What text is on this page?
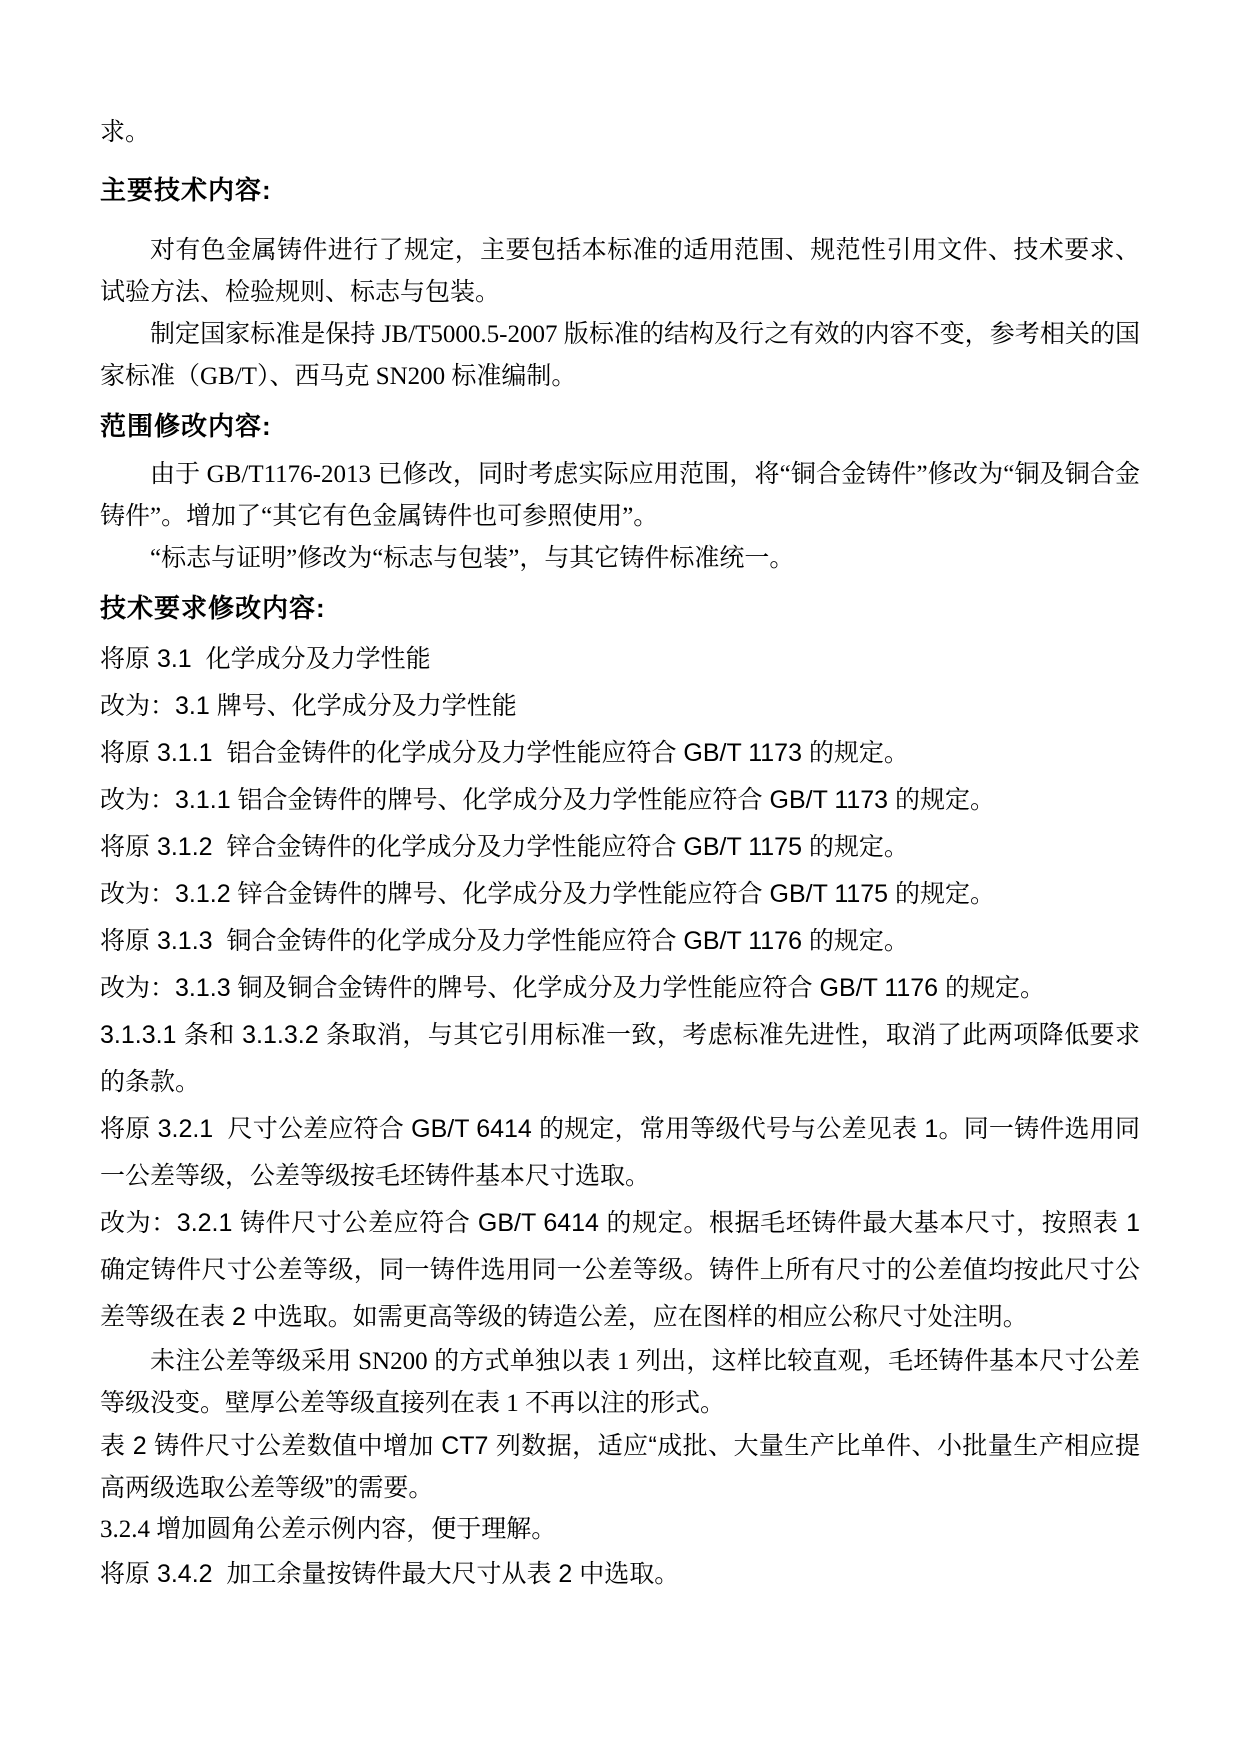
求。

主要技术内容:

对有色金属铸件进行了规定，主要包括本标准的适用范围、规范性引用文件、技术要求、试验方法、检验规则、标志与包装。

制定国家标准是保持 JB/T5000.5-2007 版标准的结构及行之有效的内容不变，参考相关的国家标准（GB/T）、西马克 SN200 标准编制。

范围修改内容:

由于 GB/T1176-2013 已修改，同时考虑实际应用范围，将“铜合金铸件”修改为“铜及铜合金铸件”。增加了“其它有色金属铸件也可参照使用”。

“标志与证明”修改为“标志与包装”，与其它铸件标准统一。

技术要求修改内容:

将原 3.1  化学成分及力学性能

改为：3.1 牌号、化学成分及力学性能

将原 3.1.1  铝合金铸件的化学成分及力学性能应符合 GB/T 1173 的规定。

改为：3.1.1 铝合金铸件的牌号、化学成分及力学性能应符合 GB/T 1173 的规定。

将原 3.1.2  锌合金铸件的化学成分及力学性能应符合 GB/T 1175 的规定。

改为：3.1.2 锌合金铸件的牌号、化学成分及力学性能应符合 GB/T 1175 的规定。

将原 3.1.3  铜合金铸件的化学成分及力学性能应符合 GB/T 1176 的规定。

改为：3.1.3 铜及铜合金铸件的牌号、化学成分及力学性能应符合 GB/T 1176 的规定。

3.1.3.1 条和 3.1.3.2 条取消，与其它引用标准一致，考虑标准先进性，取消了此两项降低要求的条款。

将原 3.2.1  尺寸公差应符合 GB/T 6414 的规定，常用等级代号与公差见表 1。同一铸件选用同一公差等级，公差等级按毛坯铸件基本尺寸选取。

改为：3.2.1 铸件尺寸公差应符合 GB/T 6414 的规定。根据毛坯铸件最大基本尺寸，按照表 1 确定铸件尺寸公差等级，同一铸件选用同一公差等级。铸件上所有尺寸的公差值均按此尺寸公差等级在表 2 中选取。如需更高等级的铸造公差，应在图样的相应公称尺寸处注明。

未注公差等级采用 SN200 的方式单独以表 1 列出，这样比较直观，毛坯铸件基本尺寸公差等级没变。壁厚公差等级直接列在表 1 不再以注的形式。

表 2 铸件尺寸公差数值中增加 CT7 列数据，适应“成批、大量生产比单件、小批量生产相应提高两级选取公差等级”的需要。

3.2.4 增加圆角公差示例内容，便于理解。

将原 3.4.2  加工余量按铸件最大尺寸从表 2 中选取。
